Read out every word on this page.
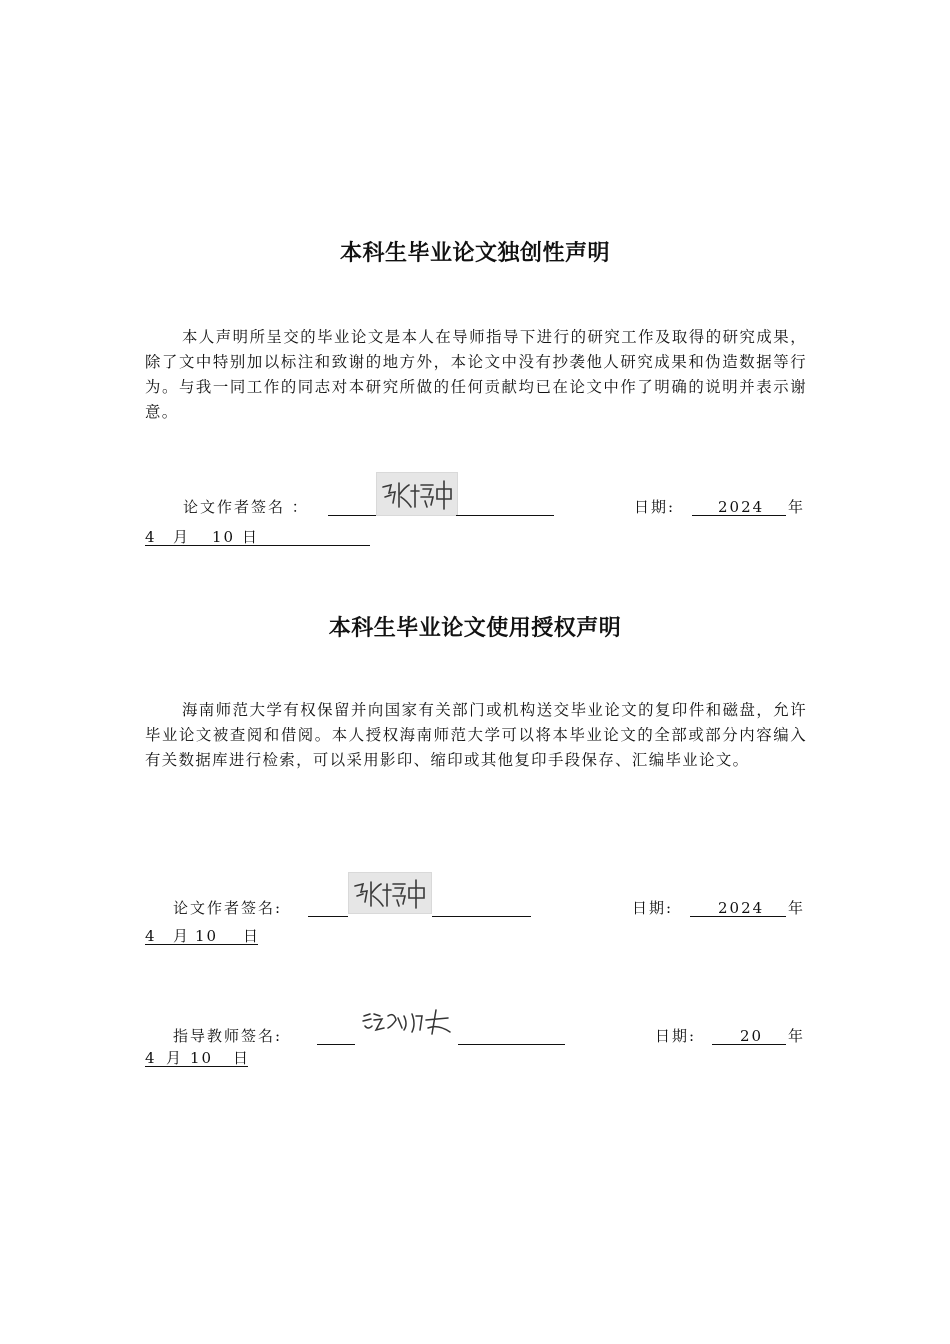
本科生毕业论文独创性声明

本人声明所呈交的毕业论文是本人在导师指导下进行的研究工作及取得的研究成果，除了文中特别加以标注和致谢的地方外，本论文中没有抄袭他人研究成果和伪造数据等行为。与我一同工作的同志对本研究所做的任何贡献均已在论文中作了明确的说明并表示谢意。

论文作者签名 ：	日期:	2024 年
4 月 10 日
本科生毕业论文使用授权声明

海南师范大学有权保留并向国家有关部门或机构送交毕业论文的复印件和磁盘，允许毕业论文被查阅和借阅。本人授权海南师范大学可以将本毕业论文的全部或部分内容编入有关数据库进行检索，可以采用影印、缩印或其他复印手段保存、汇编毕业论文。

论文作者签名:	日期:	2024 年
4 月 10 日
指导教师签名:	日期:	20 年
4 月 10 日
